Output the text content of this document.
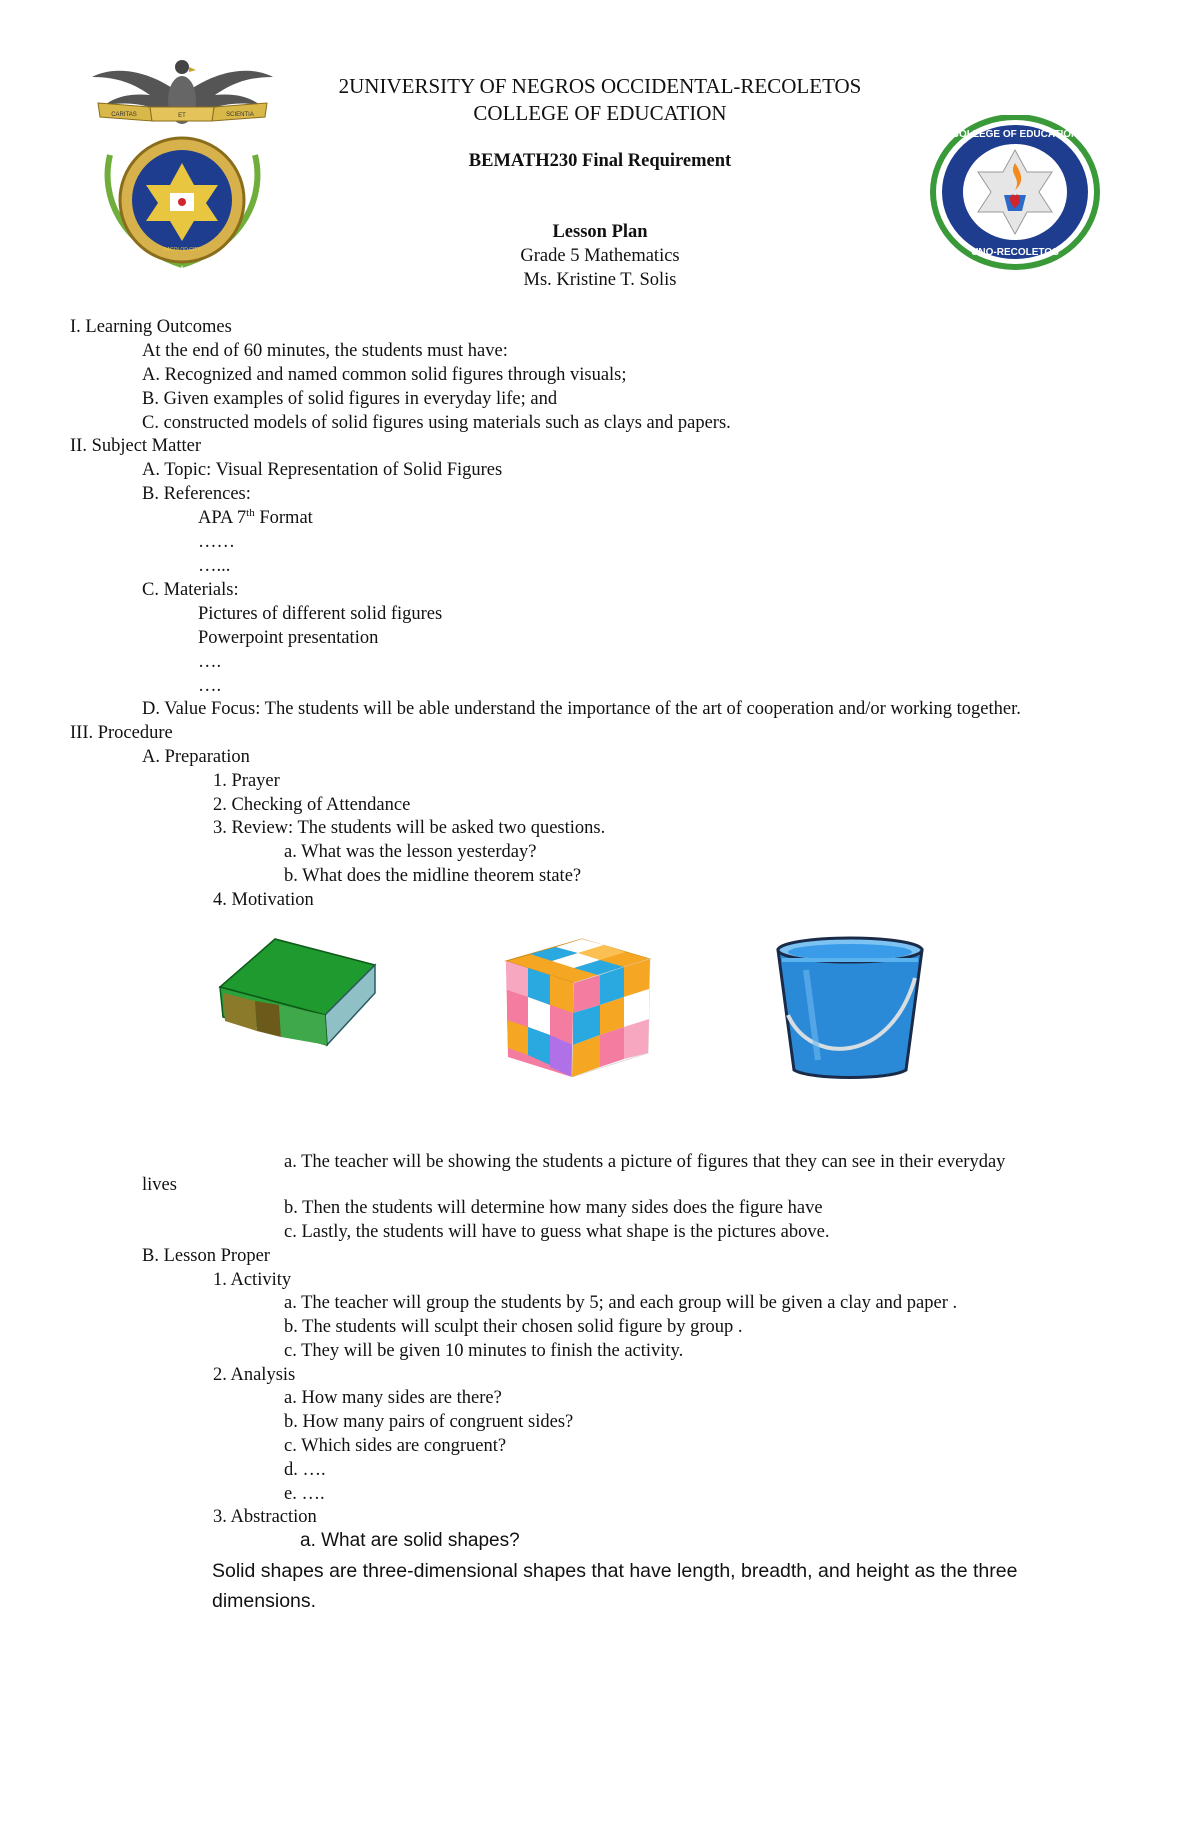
CARITAS	ET	SCIENTIA
BACOLOD CITY
COLLEGE OF EDUCATION
UNO-RECOLETOS
2UNIVERSITY OF NEGROS OCCIDENTAL-RECOLETOS
COLLEGE OF EDUCATION
BEMATH230 Final Requirement
Lesson Plan
Grade 5 Mathematics
Ms. Kristine T. Solis
I. Learning Outcomes
At the end of 60 minutes, the students must have:
A. Recognized and named common solid figures through visuals;
B. Given examples of solid figures in everyday life; and
C. constructed models of solid figures using materials such as clays and papers.
II. Subject Matter
A. Topic: Visual Representation of Solid Figures
B. References:
APA 7th Format
……
…...
C. Materials:
Pictures of different solid figures
Powerpoint presentation
….
….
D. Value Focus: The students will be able understand the importance of the art of cooperation and/or working together.
III. Procedure
A. Preparation
1. Prayer
2. Checking of Attendance
3. Review: The students will be asked two questions.
a. What was the lesson yesterday?
b. What does the midline theorem state?
4. Motivation
a. The teacher will be showing the students a picture of figures that they can see in their everyday
lives
b. Then the students will determine how many sides does the figure have
c. Lastly, the students will have to guess what shape is the pictures above.
B. Lesson Proper
1. Activity
a. The teacher will group the students by 5; and each group will be given a clay and paper .
b. The students will sculpt their chosen solid figure by group .
c. They will be given 10 minutes to finish the activity.
2. Analysis
a. How many sides are there?
b. How many pairs of congruent sides?
c. Which sides are congruent?
d. ….
e. ….
3. Abstraction
a. What are solid shapes?
Solid shapes are three-dimensional shapes that have length, breadth, and height as the three
dimensions.
